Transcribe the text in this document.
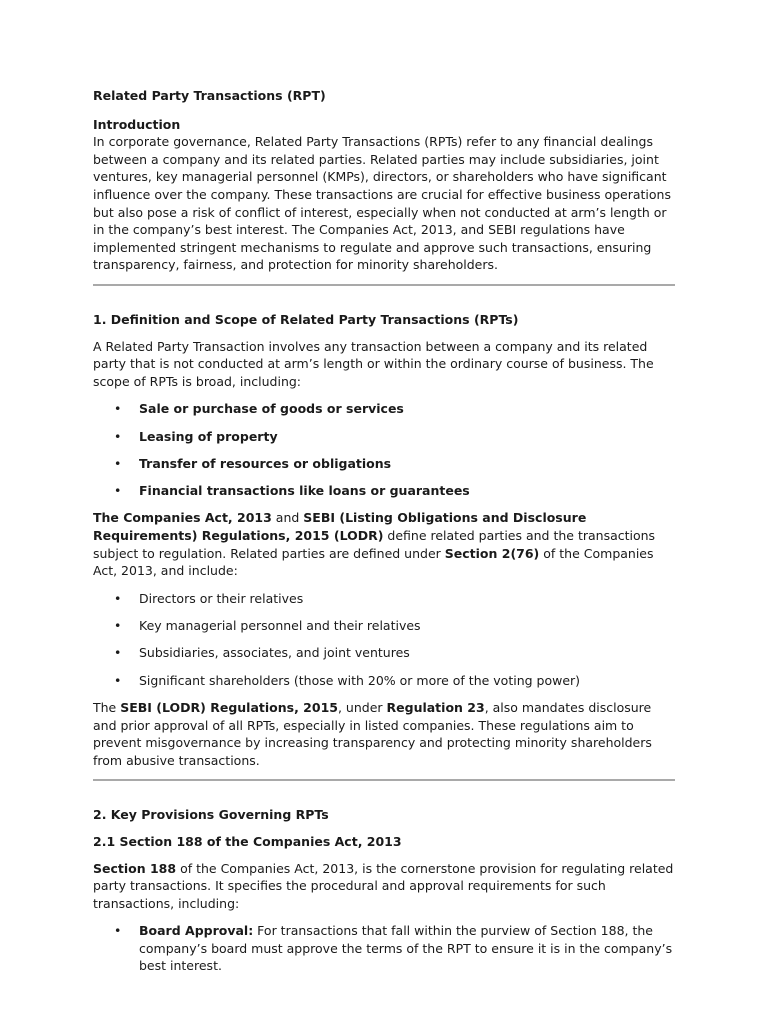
Related Party Transactions (RPT)

Introduction

In corporate governance, Related Party Transactions (RPTs) refer to any financial dealings between a company and its related parties. Related parties may include subsidiaries, joint ventures, key managerial personnel (KMPs), directors, or shareholders who have significant influence over the company. These transactions are crucial for effective business operations but also pose a risk of conflict of interest, especially when not conducted at arm’s length or in the company’s best interest. The Companies Act, 2013, and SEBI regulations have implemented stringent mechanisms to regulate and approve such transactions, ensuring transparency, fairness, and protection for minority shareholders.

1. Definition and Scope of Related Party Transactions (RPTs)

A Related Party Transaction involves any transaction between a company and its related party that is not conducted at arm’s length or within the ordinary course of business. The scope of RPTs is broad, including:

• Sale or purchase of goods or services
• Leasing of property
• Transfer of resources or obligations
• Financial transactions like loans or guarantees

The Companies Act, 2013 and SEBI (Listing Obligations and Disclosure Requirements) Regulations, 2015 (LODR) define related parties and the transactions subject to regulation. Related parties are defined under Section 2(76) of the Companies Act, 2013, and include:

• Directors or their relatives
• Key managerial personnel and their relatives
• Subsidiaries, associates, and joint ventures
• Significant shareholders (those with 20% or more of the voting power)

The SEBI (LODR) Regulations, 2015, under Regulation 23, also mandates disclosure and prior approval of all RPTs, especially in listed companies. These regulations aim to prevent misgovernance by increasing transparency and protecting minority shareholders from abusive transactions.

2. Key Provisions Governing RPTs

2.1 Section 188 of the Companies Act, 2013

Section 188 of the Companies Act, 2013, is the cornerstone provision for regulating related party transactions. It specifies the procedural and approval requirements for such transactions, including:

• Board Approval: For transactions that fall within the purview of Section 188, the company’s board must approve the terms of the RPT to ensure it is in the company’s best interest.
